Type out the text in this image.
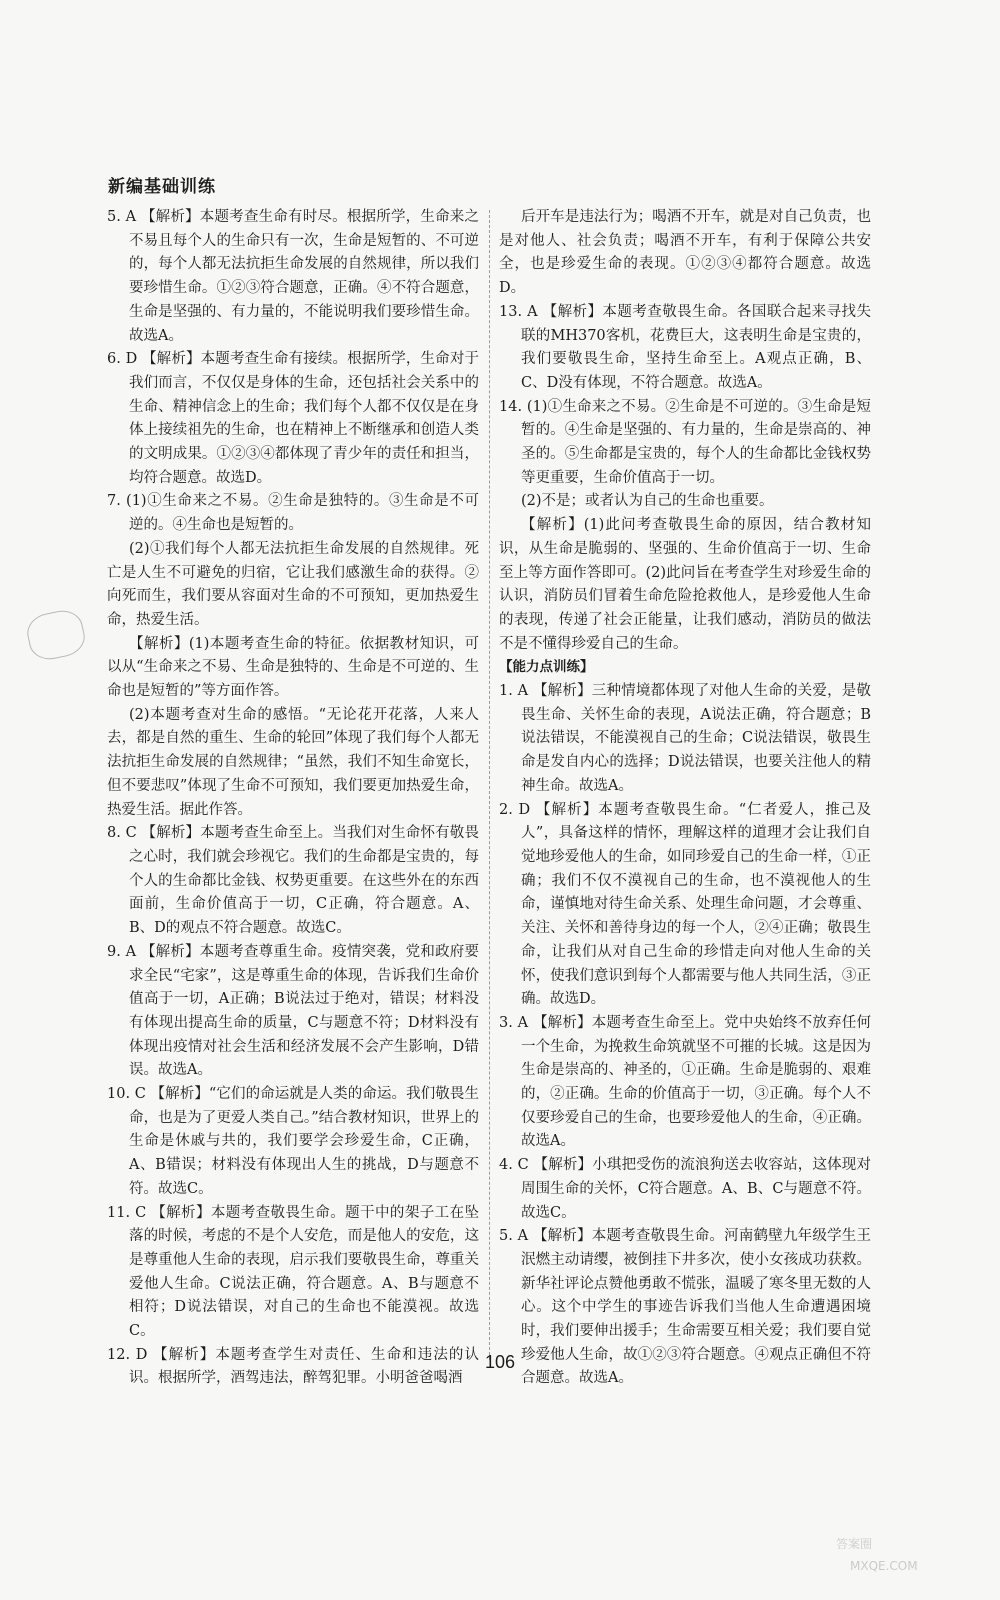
新编基础训练
5. A 【解析】本题考查生命有时尽。根据所学，生命来之不易且每个人的生命只有一次，生命是短暂的、不可逆的，每个人都无法抗拒生命发展的自然规律，所以我们要珍惜生命。①②③符合题意，正确。④不符合题意，生命是坚强的、有力量的，不能说明我们要珍惜生命。故选A。
6. D 【解析】本题考查生命有接续。根据所学，生命对于我们而言，不仅仅是身体的生命，还包括社会关系中的生命、精神信念上的生命；我们每个人都不仅仅是在身体上接续祖先的生命，也在精神上不断继承和创造人类的文明成果。①②③④都体现了青少年的责任和担当，均符合题意。故选D。
7. (1)①生命来之不易。②生命是独特的。③生命是不可逆的。④生命也是短暂的。
(2)①我们每个人都无法抗拒生命发展的自然规律。死亡是人生不可避免的归宿，它让我们感激生命的获得。②向死而生，我们要从容面对生命的不可预知，更加热爱生命，热爱生活。
【解析】(1)本题考查生命的特征。依据教材知识，可以从“生命来之不易、生命是独特的、生命是不可逆的、生命也是短暂的”等方面作答。
(2)本题考查对生命的感悟。“无论花开花落，人来人去，都是自然的重生、生命的轮回”体现了我们每个人都无法抗拒生命发展的自然规律；“虽然，我们不知生命宽长，但不要悲叹”体现了生命不可预知，我们要更加热爱生命，热爱生活。据此作答。
8. C 【解析】本题考查生命至上。当我们对生命怀有敬畏之心时，我们就会珍视它。我们的生命都是宝贵的，每个人的生命都比金钱、权势更重要。在这些外在的东西面前，生命价值高于一切，C正确，符合题意。A、B、D的观点不符合题意。故选C。
9. A 【解析】本题考查尊重生命。疫情突袭，党和政府要求全民“宅家”，这是尊重生命的体现，告诉我们生命价值高于一切，A正确；B说法过于绝对，错误；材料没有体现出提高生命的质量，C与题意不符；D材料没有体现出疫情对社会生活和经济发展不会产生影响，D错误。故选A。
10. C 【解析】“它们的命运就是人类的命运。我们敬畏生命，也是为了更爱人类自己。”结合教材知识，世界上的生命是休戚与共的，我们要学会珍爱生命，C正确，A、B错误；材料没有体现出人生的挑战，D与题意不符。故选C。
11. C 【解析】本题考查敬畏生命。题干中的架子工在坠落的时候，考虑的不是个人安危，而是他人的安危，这是尊重他人生命的表现，启示我们要敬畏生命，尊重关爱他人生命。C说法正确，符合题意。A、B与题意不相符；D说法错误，对自己的生命也不能漠视。故选C。
12. D 【解析】本题考查学生对责任、生命和违法的认识。根据所学，酒驾违法，醉驾犯罪。小明爸爸喝酒
后开车是违法行为；喝酒不开车，就是对自己负责，也是对他人、社会负责；喝酒不开车，有利于保障公共安全，也是珍爱生命的表现。①②③④都符合题意。故选D。
13. A 【解析】本题考查敬畏生命。各国联合起来寻找失联的MH370客机，花费巨大，这表明生命是宝贵的，我们要敬畏生命，坚持生命至上。A观点正确，B、C、D没有体现，不符合题意。故选A。
14. (1)①生命来之不易。②生命是不可逆的。③生命是短暂的。④生命是坚强的、有力量的，生命是崇高的、神圣的。⑤生命都是宝贵的，每个人的生命都比金钱权势等更重要，生命价值高于一切。
(2)不是；或者认为自己的生命也重要。
【解析】(1)此问考查敬畏生命的原因，结合教材知识，从生命是脆弱的、坚强的、生命价值高于一切、生命至上等方面作答即可。(2)此问旨在考查学生对珍爱生命的认识，消防员们冒着生命危险抢救他人，是珍爱他人生命的表现，传递了社会正能量，让我们感动，消防员的做法不是不懂得珍爱自己的生命。
【能力点训练】
1. A 【解析】三种情境都体现了对他人生命的关爱，是敬畏生命、关怀生命的表现，A说法正确，符合题意；B说法错误，不能漠视自己的生命；C说法错误，敬畏生命是发自内心的选择；D说法错误，也要关注他人的精神生命。故选A。
2. D 【解析】本题考查敬畏生命。“仁者爱人，推己及人”，具备这样的情怀，理解这样的道理才会让我们自觉地珍爱他人的生命，如同珍爱自己的生命一样，①正确；我们不仅不漠视自己的生命，也不漠视他人的生命，谨慎地对待生命关系、处理生命问题，才会尊重、关注、关怀和善待身边的每一个人，②④正确；敬畏生命，让我们从对自己生命的珍惜走向对他人生命的关怀，使我们意识到每个人都需要与他人共同生活，③正确。故选D。
3. A 【解析】本题考查生命至上。党中央始终不放弃任何一个生命，为挽救生命筑就坚不可摧的长城。这是因为生命是崇高的、神圣的，①正确。生命是脆弱的、艰难的，②正确。生命的价值高于一切，③正确。每个人不仅要珍爱自己的生命，也要珍爱他人的生命，④正确。故选A。
4. C 【解析】小琪把受伤的流浪狗送去收容站，这体现对周围生命的关怀，C符合题意。A、B、C与题意不符。故选C。
5. A 【解析】本题考查敬畏生命。河南鹤壁九年级学生王泯燃主动请缨，被倒挂下井多次，使小女孩成功获救。新华社评论点赞他勇敢不慌张，温暖了寒冬里无数的人心。这个中学生的事迹告诉我们当他人生命遭遇困境时，我们要伸出援手；生命需要互相关爱；我们要自觉珍爱他人生命，故①②③符合题意。④观点正确但不符合题意。故选A。
106
答案圈
MXQE.COM
